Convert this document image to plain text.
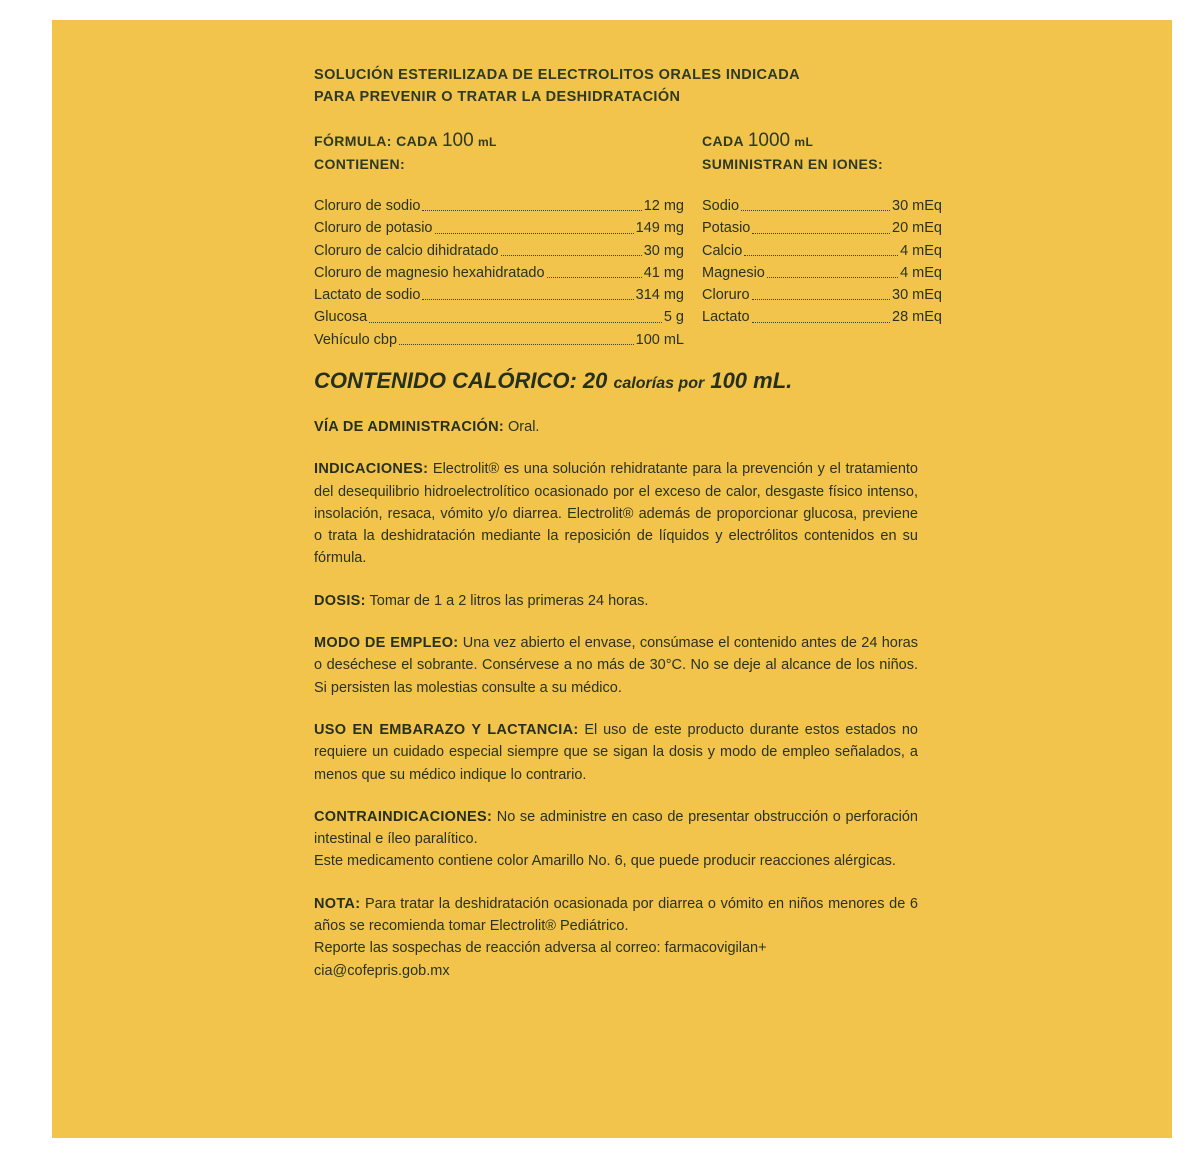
SOLUCIÓN ESTERILIZADA DE ELECTROLITOS ORALES INDICADA
PARA PREVENIR O TRATAR LA DESHIDRATACIÓN

FÓRMULA: CADA 100 mL
CONTIENEN:
Cloruro de sodio	12 mg
Cloruro de potasio	149 mg
Cloruro de calcio dihidratado	30 mg
Cloruro de magnesio hexahidratado	41 mg
Lactato de sodio	314 mg
Glucosa	5 g
Vehículo cbp	100 mL
CADA 1000 mL
SUMINISTRAN EN IONES:
Sodio	30 mEq
Potasio	20 mEq
Calcio	4 mEq
Magnesio	4 mEq
Cloruro	30 mEq
Lactato	28 mEq
CONTENIDO CALÓRICO: 20 calorías por 100 mL.

VÍA DE ADMINISTRACIÓN: Oral.

INDICACIONES: Electrolit® es una solución rehidratante para la prevención y el tratamiento del desequilibrio hidroelectrolítico ocasionado por el exceso de calor, desgaste físico intenso, insolación, resaca, vómito y/o diarrea. Electrolit® además de proporcionar glucosa, previene o trata la deshidratación mediante la reposición de líquidos y electrólitos contenidos en su fórmula.

DOSIS: Tomar de 1 a 2 litros las primeras 24 horas.

MODO DE EMPLEO: Una vez abierto el envase, consúmase el contenido antes de 24 horas o deséchese el sobrante. Consérvese a no más de 30°C. No se deje al alcance de los niños. Si persisten las molestias consulte a su médico.

USO EN EMBARAZO Y LACTANCIA: El uso de este producto durante estos estados no requiere un cuidado especial siempre que se sigan la dosis y modo de empleo señalados, a menos que su médico indique lo contrario.

CONTRAINDICACIONES: No se administre en caso de presentar obstrucción o perforación intestinal e íleo paralítico.
Este medicamento contiene color Amarillo No. 6, que puede producir reacciones alérgicas.

NOTA: Para tratar la deshidratación ocasionada por diarrea o vómito en niños menores de 6 años se recomienda tomar Electrolit® Pediátrico.
Reporte las sospechas de reacción adversa al correo: farmacovigilan+
cia@cofepris.gob.mx
